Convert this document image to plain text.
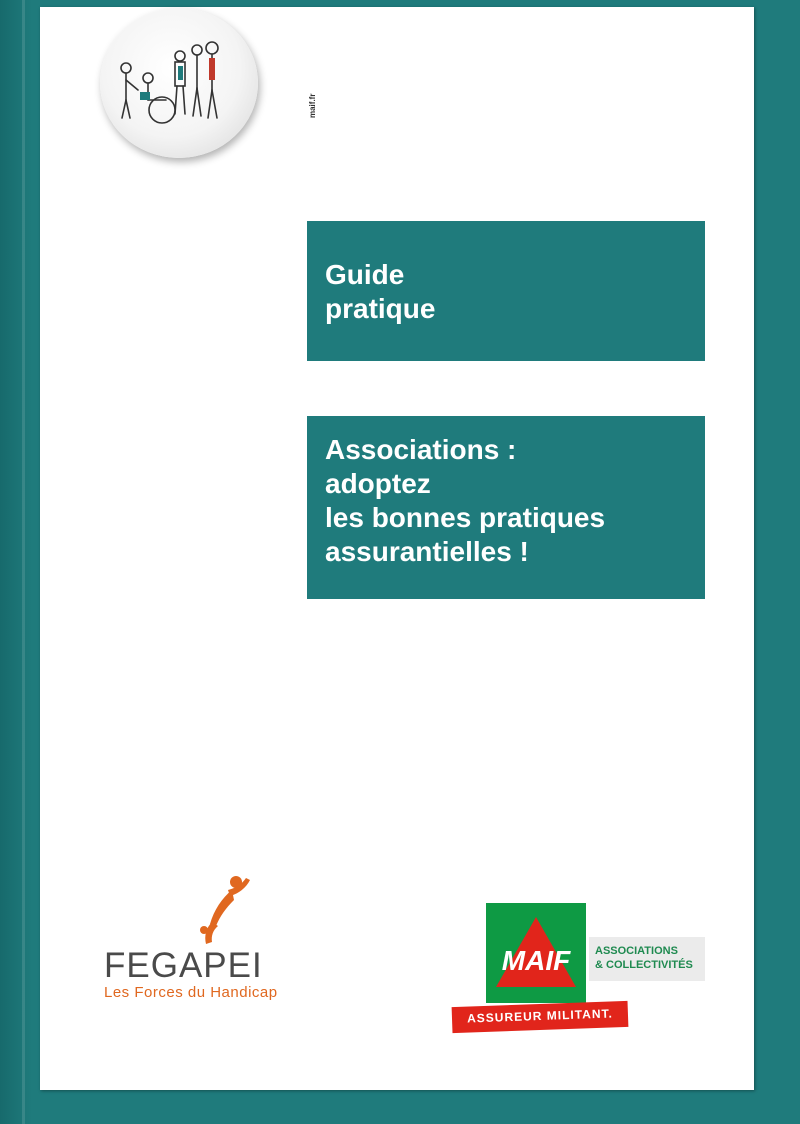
maif.fr
Guide
pratique
Associations :
adoptez
les bonnes pratiques
assurantielles !
FEGAPEI
Les Forces du Handicap
MAIF	ASSOCIATIONS
& COLLECTIVITÉS
ASSUREUR MILITANT.
